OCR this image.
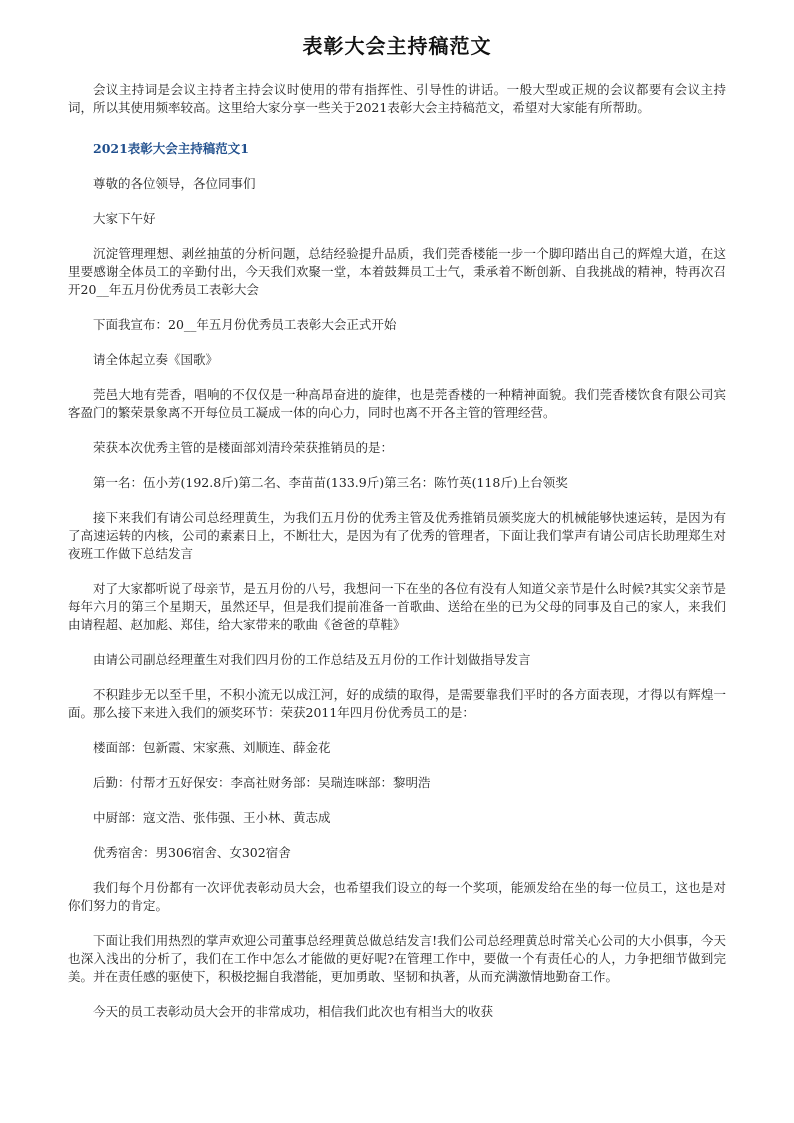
表彰大会主持稿范文

会议主持词是会议主持者主持会议时使用的带有指挥性、引导性的讲话。一般大型或正规的会议都要有会议主持词，所以其使用频率较高。这里给大家分享一些关于2021表彰大会主持稿范文，希望对大家能有所帮助。

2021表彰大会主持稿范文1

尊敬的各位领导，各位同事们

大家下午好

沉淀管理理想、剥丝抽茧的分析问题，总结经验提升品质，我们莞香楼能一步一个脚印踏出自己的辉煌大道，在这里要感谢全体员工的辛勤付出，今天我们欢聚一堂，本着鼓舞员工士气，秉承着不断创新、自我挑战的精神，特再次召开20__年五月份优秀员工表彰大会

下面我宣布：20__年五月份优秀员工表彰大会正式开始

请全体起立奏《国歌》

莞邑大地有莞香，唱响的不仅仅是一种高昂奋进的旋律，也是莞香楼的一种精神面貌。我们莞香楼饮食有限公司宾客盈门的繁荣景象离不开每位员工凝成一体的向心力，同时也离不开各主管的管理经营。

荣获本次优秀主管的是楼面部刘清玲荣获推销员的是：

第一名：伍小芳(192.8斤)第二名、李苗苗(133.9斤)第三名：陈竹英(118斤)上台领奖

接下来我们有请公司总经理黄生，为我们五月份的优秀主管及优秀推销员颁奖庞大的机械能够快速运转，是因为有了高速运转的内核，公司的素素日上，不断壮大，是因为有了优秀的管理者，下面让我们掌声有请公司店长助理郑生对夜班工作做下总结发言

对了大家都听说了母亲节，是五月份的八号，我想问一下在坐的各位有没有人知道父亲节是什么时候?其实父亲节是每年六月的第三个星期天，虽然还早，但是我们提前准备一首歌曲、送给在坐的已为父母的同事及自己的家人，来我们由请程超、赵加彪、郑佳，给大家带来的歌曲《爸爸的草鞋》

由请公司副总经理董生对我们四月份的工作总结及五月份的工作计划做指导发言

不积跬步无以至千里，不积小流无以成江河，好的成绩的取得，是需要靠我们平时的各方面表现，才得以有辉煌一面。那么接下来进入我们的颁奖环节：荣获2011年四月份优秀员工的是：

楼面部：包新霞、宋家燕、刘顺连、薛金花

后勤：付帮才五好保安：李高社财务部：吴瑞连咪部：黎明浩

中厨部：寇文浩、张伟强、王小林、黄志成

优秀宿舍：男306宿舍、女302宿舍

我们每个月份都有一次评优表彰动员大会，也希望我们设立的每一个奖项，能颁发给在坐的每一位员工，这也是对你们努力的肯定。

下面让我们用热烈的掌声欢迎公司董事总经理黄总做总结发言!我们公司总经理黄总时常关心公司的大小俱事，今天也深入浅出的分析了，我们在工作中怎么才能做的更好呢?在管理工作中，要做一个有责任心的人，力争把细节做到完美。并在责任感的驱使下，积极挖掘自我潜能，更加勇敢、坚韧和执著，从而充满激情地勤奋工作。

今天的员工表彰动员大会开的非常成功，相信我们此次也有相当大的收获
